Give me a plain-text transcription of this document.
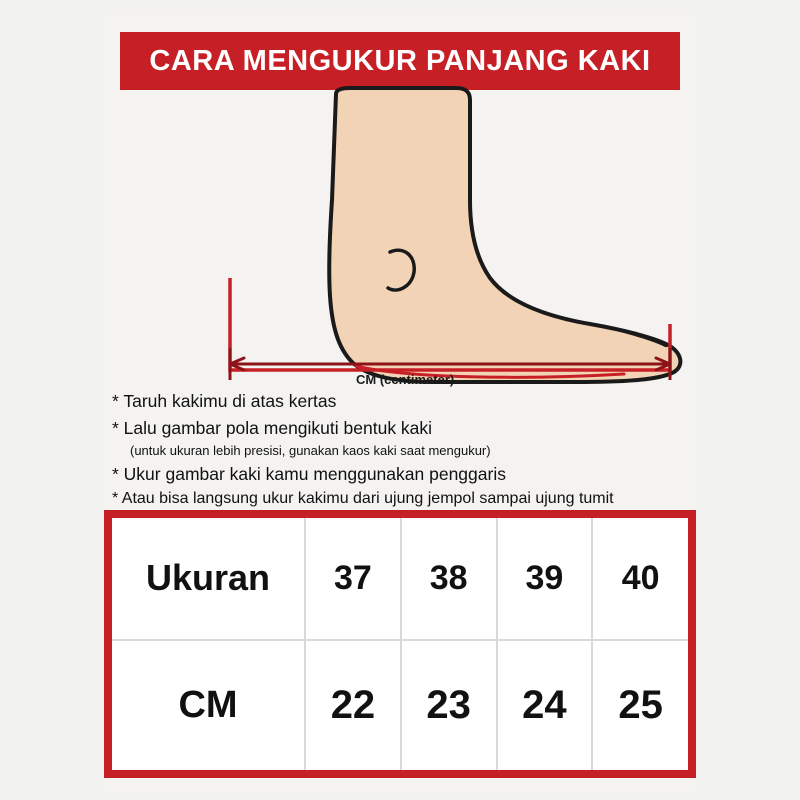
CARA MENGUKUR PANJANG KAKI
CM (centimeter)
* Taruh kakimu di atas kertas
* Lalu gambar pola mengikuti bentuk kaki
(untuk ukuran lebih presisi, gunakan kaos kaki saat mengukur)
* Ukur gambar kaki kamu menggunakan penggaris
* Atau bisa langsung ukur kakimu dari ujung jempol sampai ujung tumit
Ukuran	37	38	39	40
CM	22	23	24	25
